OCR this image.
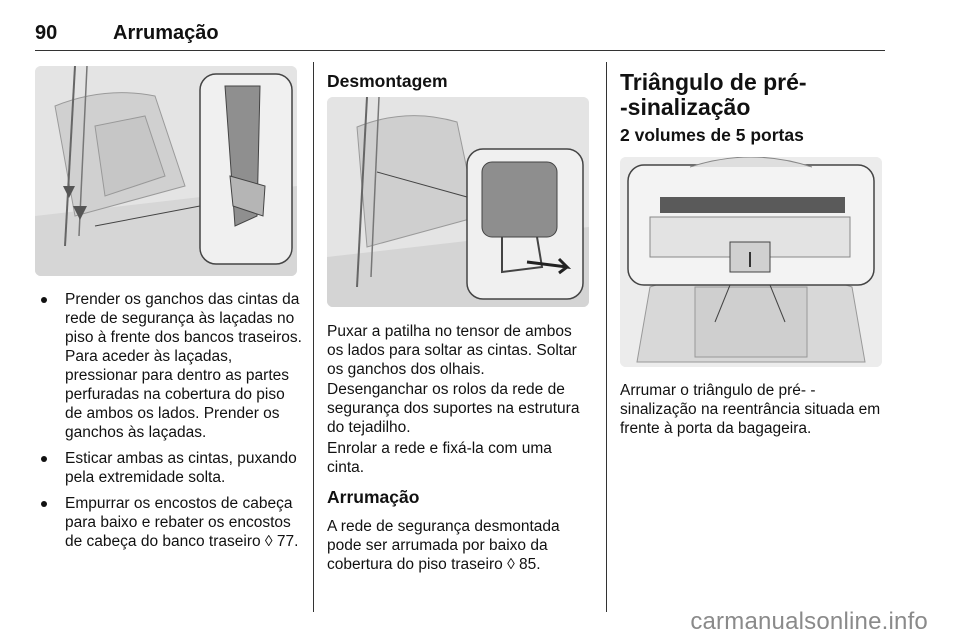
90	Arrumação
Prender os ganchos das cintas da rede de segurança às laçadas no piso à frente dos bancos traseiros. Para aceder às laçadas, pressionar para dentro as partes perfuradas na cobertura do piso de ambos os lados. Prender os ganchos às laçadas.
Esticar ambas as cintas, puxando pela extremidade solta.
Empurrar os encostos de cabeça para baixo e rebater os encostos de cabeça do banco traseiro ◊ 77.

Desmontagem

Puxar a patilha no tensor de ambos os lados para soltar as cintas. Soltar os ganchos dos olhais.

Desenganchar os rolos da rede de segurança dos suportes na estrutura do tejadilho.

Enrolar a rede e fixá-la com uma cinta.

Arrumação

A rede de segurança desmontada pode ser arrumada por baixo da cobertura do piso traseiro ◊ 85.

Triângulo de pré-

-sinalização

2 volumes de 5 portas

Arrumar o triângulo de pré- -sinalização na reentrância situada em frente à porta da bagageira.

carmanualsonline.info
